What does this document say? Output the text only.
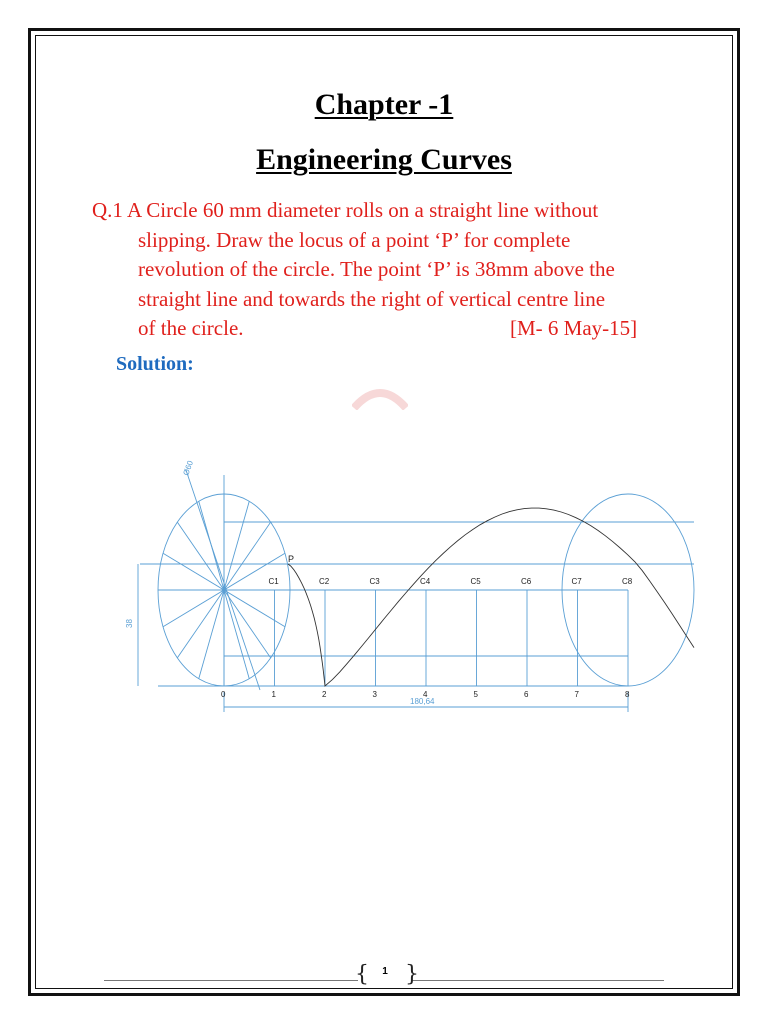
Chapter -1
Engineering Curves
Q.1 A Circle 60 mm diameter rolls on a straight line without
slipping. Draw the locus of a point ‘P’ for complete
revolution of the circle. The point ‘P’ is 38mm above the
straight line and towards the right of vertical centre line
of the circle.	[M- 6 May-15]
Solution:
P
C1	C2	C3	C4	C5	C6	C7	C8
0	1	2	3	4	5	6	7	8
38
180,64
Ø60
{ }
1
